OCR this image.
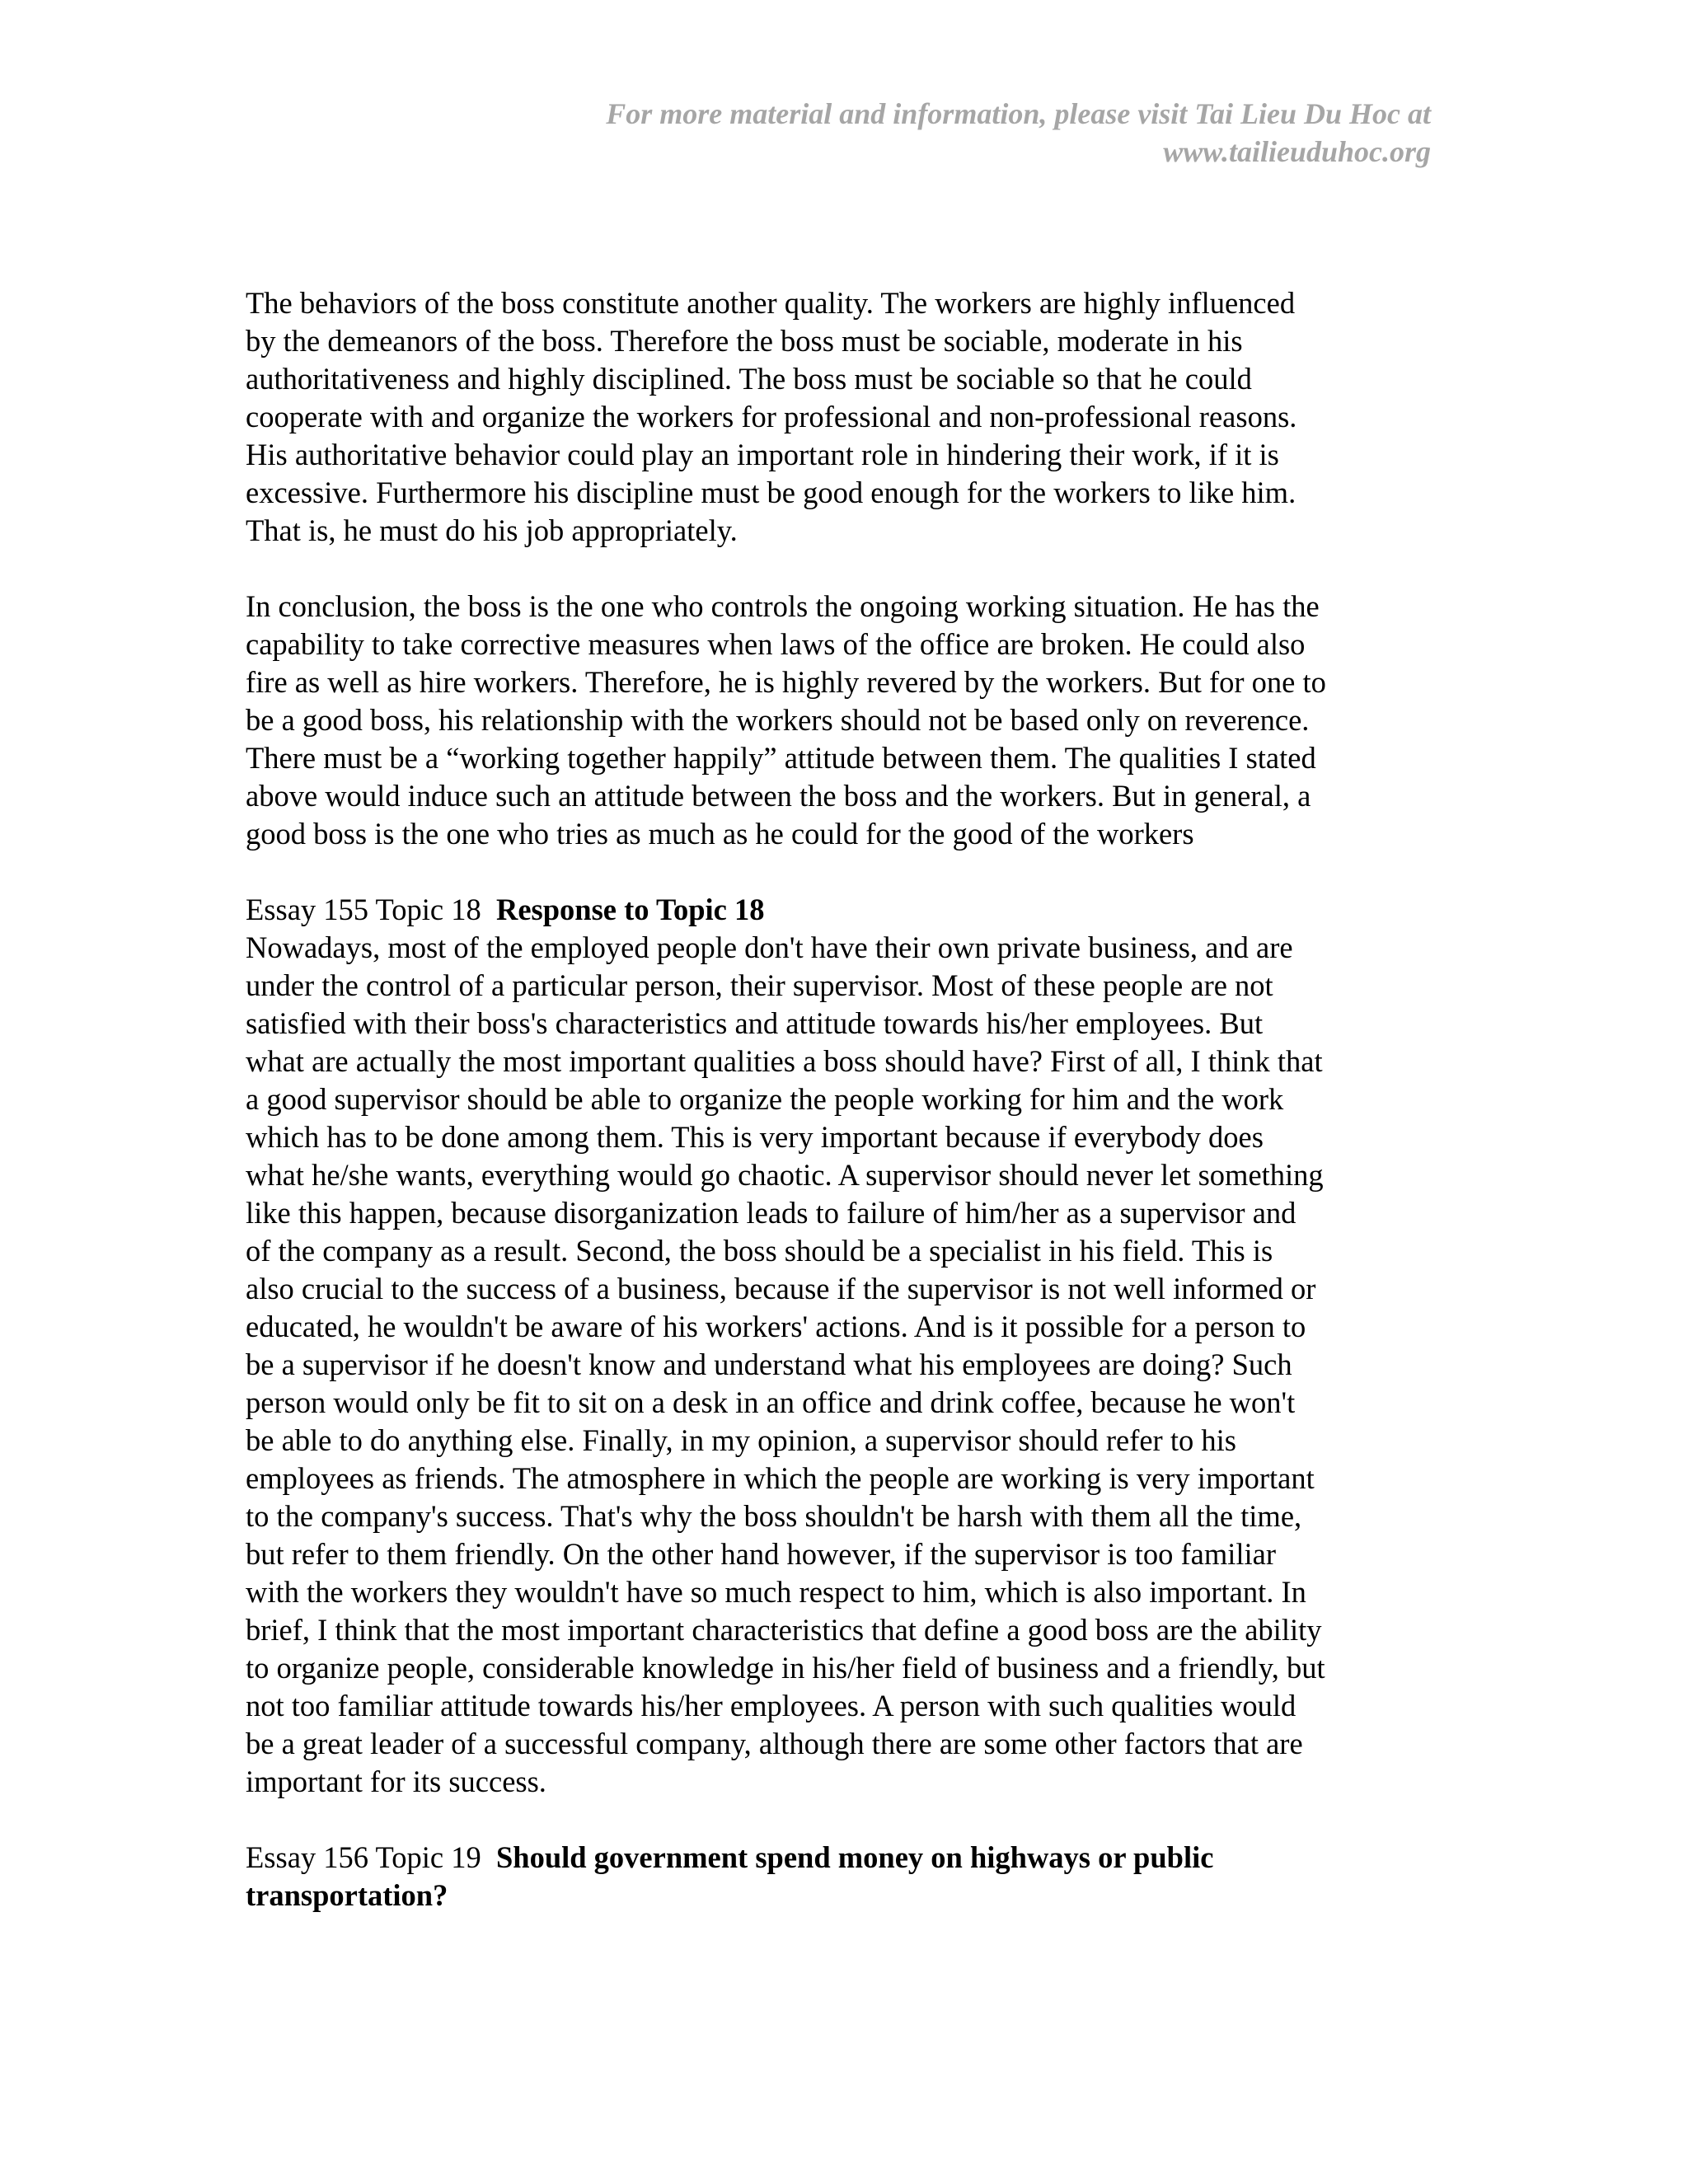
For more material and information, please visit Tai Lieu Du Hoc at
www.tailieuduhoc.org

The behaviors of the boss constitute another quality. The workers are highly influenced

by the demeanors of the boss. Therefore the boss must be sociable, moderate in his

authoritativeness and highly disciplined. The boss must be sociable so that he could

cooperate with and organize the workers for professional and non-professional reasons.

His authoritative behavior could play an important role in hindering their work, if it is

excessive. Furthermore his discipline must be good enough for the workers to like him.

That is, he must do his job appropriately.

In conclusion, the boss is the one who controls the ongoing working situation. He has the

capability to take corrective measures when laws of the office are broken. He could also

fire as well as hire workers. Therefore, he is highly revered by the workers. But for one to

be a good boss, his relationship with the workers should not be based only on reverence.

There must be a “working together happily” attitude between them. The qualities I stated

above would induce such an attitude between the boss and the workers. But in general, a

good boss is the one who tries as much as he could for the good of the workers

Essay 155 Topic 18 Response to Topic 18

Nowadays, most of the employed people don't have their own private business, and are

under the control of a particular person, their supervisor. Most of these people are not

satisfied with their boss's characteristics and attitude towards his/her employees. But

what are actually the most important qualities a boss should have? First of all, I think that

a good supervisor should be able to organize the people working for him and the work

which has to be done among them. This is very important because if everybody does

what he/she wants, everything would go chaotic. A supervisor should never let something

like this happen, because disorganization leads to failure of him/her as a supervisor and

of the company as a result. Second, the boss should be a specialist in his field. This is

also crucial to the success of a business, because if the supervisor is not well informed or

educated, he wouldn't be aware of his workers' actions. And is it possible for a person to

be a supervisor if he doesn't know and understand what his employees are doing? Such

person would only be fit to sit on a desk in an office and drink coffee, because he won't

be able to do anything else. Finally, in my opinion, a supervisor should refer to his

employees as friends. The atmosphere in which the people are working is very important

to the company's success. That's why the boss shouldn't be harsh with them all the time,

but refer to them friendly. On the other hand however, if the supervisor is too familiar

with the workers they wouldn't have so much respect to him, which is also important. In

brief, I think that the most important characteristics that define a good boss are the ability

to organize people, considerable knowledge in his/her field of business and a friendly, but

not too familiar attitude towards his/her employees. A person with such qualities would

be a great leader of a successful company, although there are some other factors that are

important for its success.

Essay 156 Topic 19 Should government spend money on highways or public

transportation?
